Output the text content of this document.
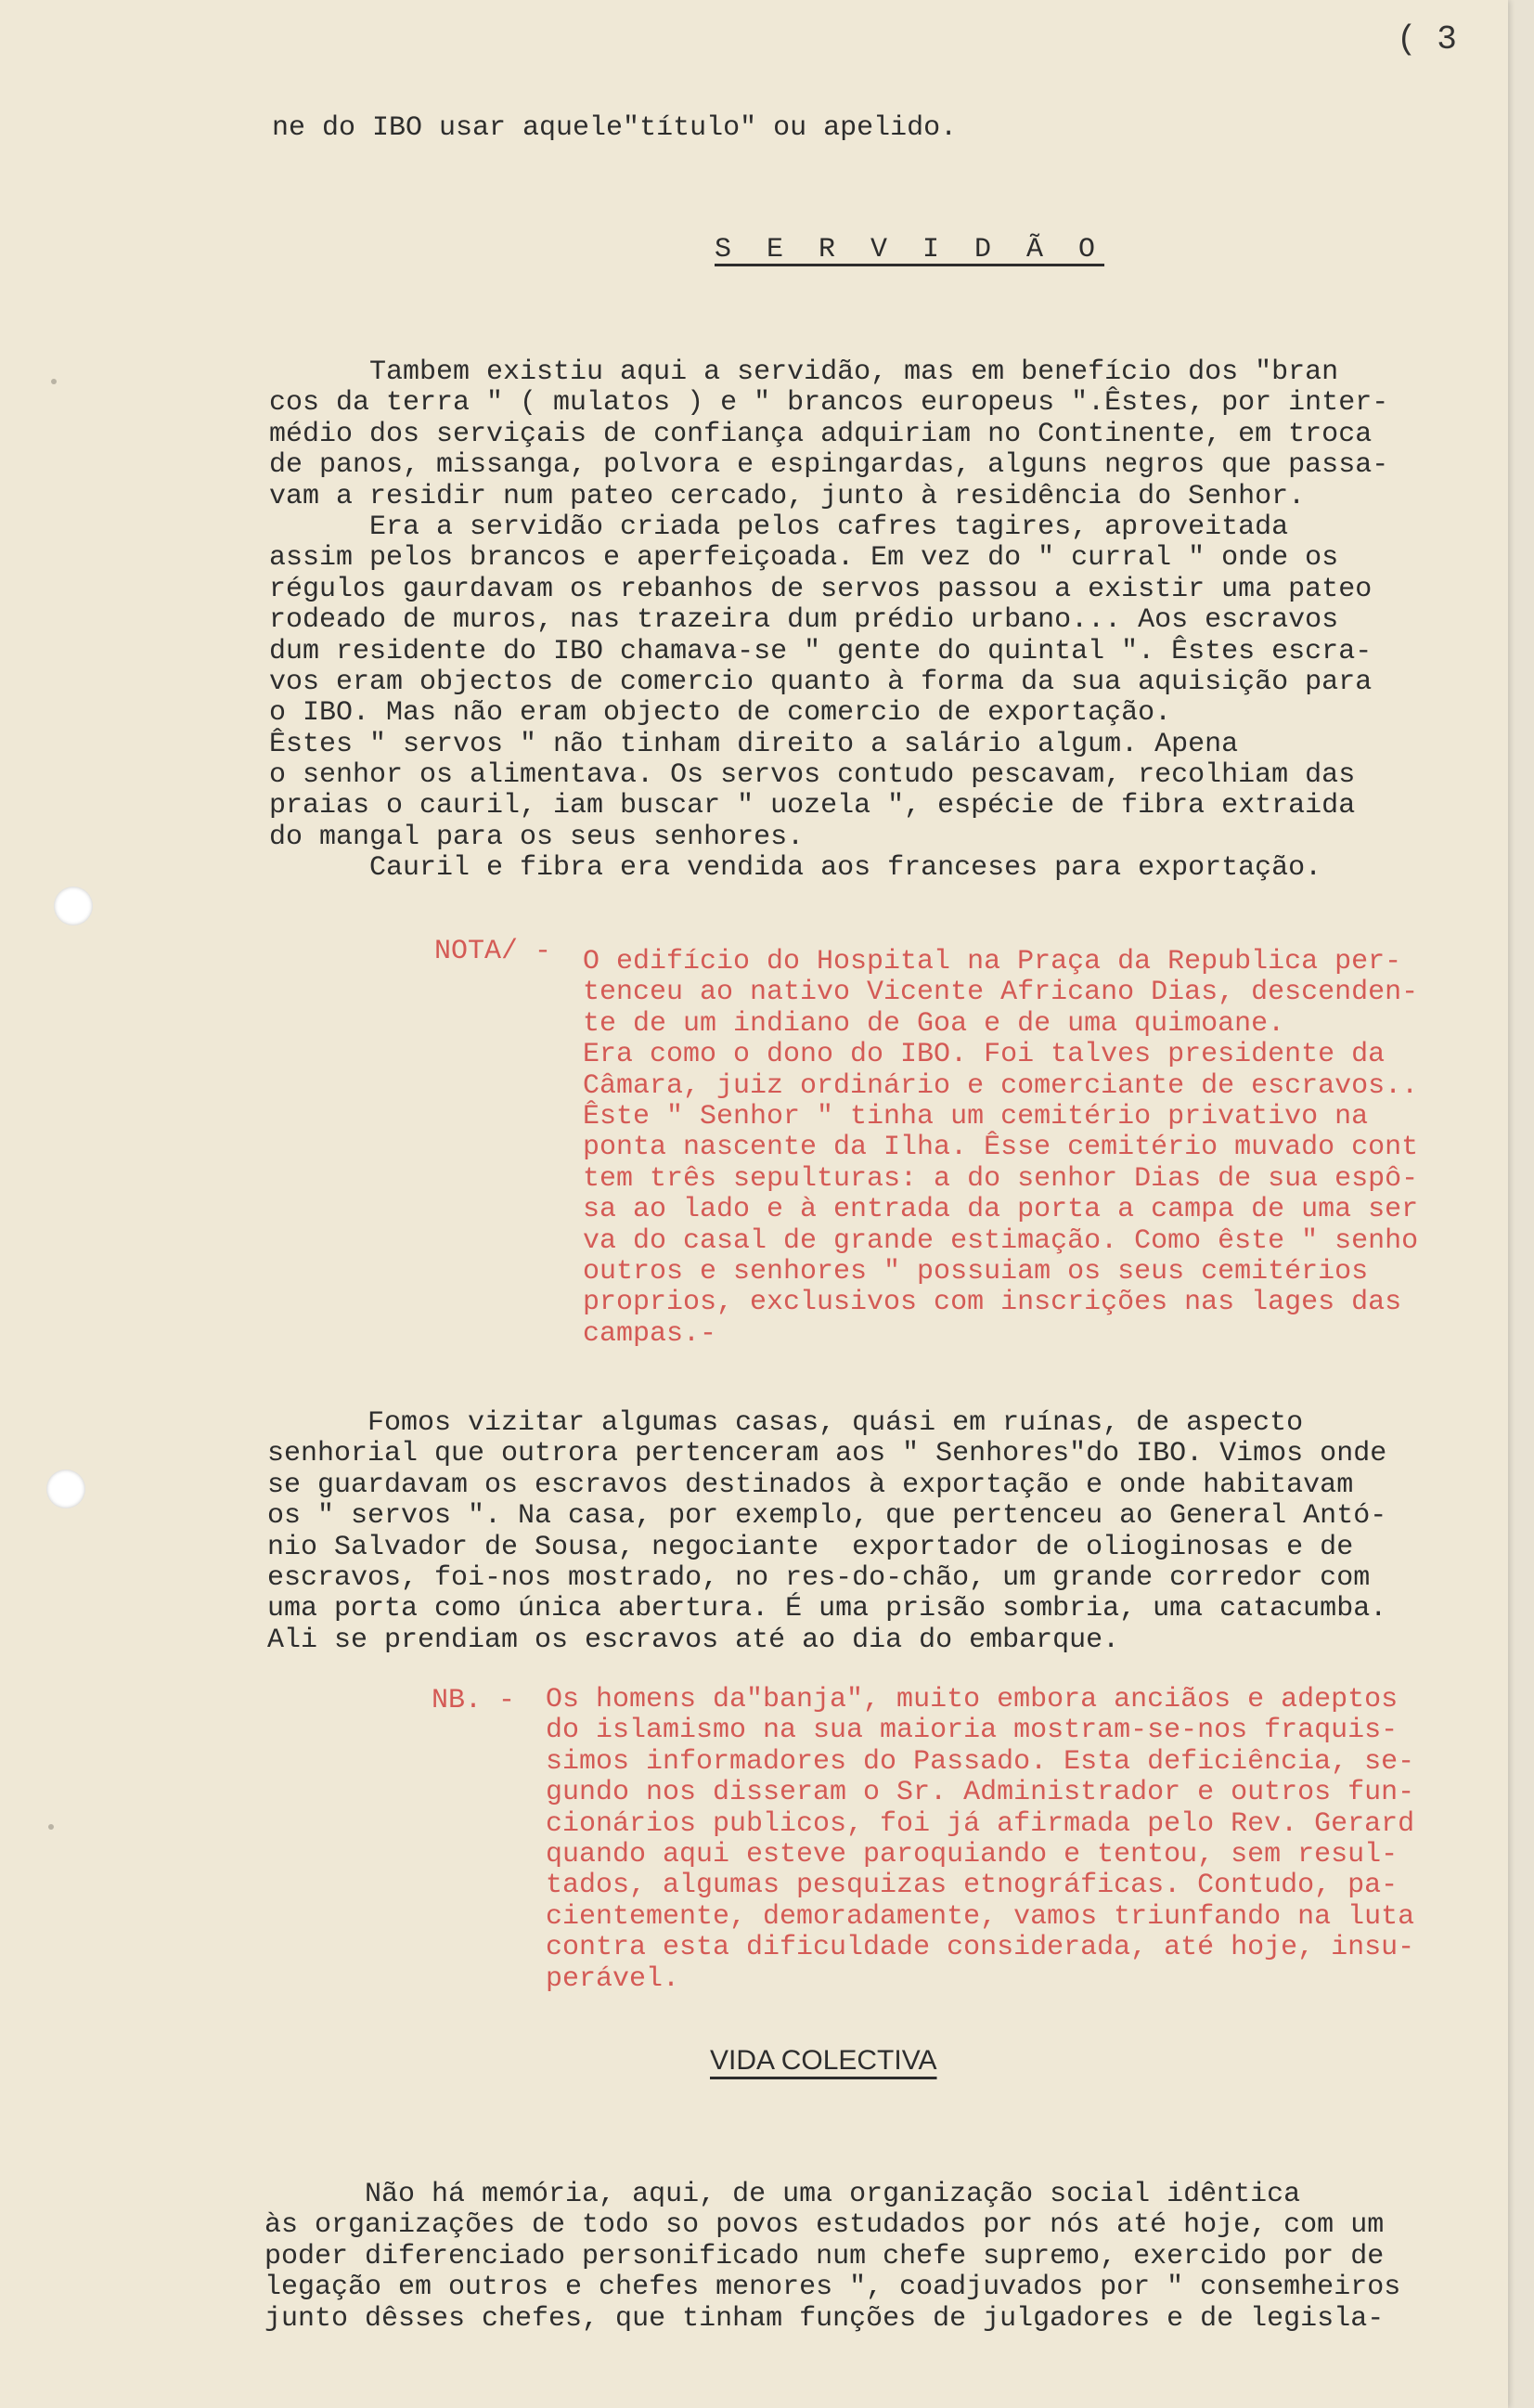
( 3
ne do IBO usar aquele"título" ou apelido.
S E R V I D Ã O
Tambem existiu aqui a servidão, mas em benefício dos "bran
cos da terra " ( mulatos ) e " brancos europeus ".Êstes, por inter-
médio dos serviçais de confiança adquiriam no Continente, em troca
de panos, missanga, polvora e espingardas, alguns negros que passa-
vam a residir num pateo cercado, junto à residência do Senhor.
Era a servidão criada pelos cafres tagires, aproveitada
assim pelos brancos e aperfeiçoada. Em vez do " curral " onde os
régulos gaurdavam os rebanhos de servos passou a existir uma pateo
rodeado de muros, nas trazeira dum prédio urbano... Aos escravos
dum residente do IBO chamava-se " gente do quintal ". Êstes escra-
vos eram objectos de comercio quanto à forma da sua aquisição para
o IBO. Mas não eram objecto de comercio de exportação.
Êstes " servos " não tinham direito a salário algum. Apena
o senhor os alimentava. Os servos contudo pescavam, recolhiam das
praias o cauril, iam buscar " uozela ", espécie de fibra extraida
do mangal para os seus senhores.
Cauril e fibra era vendida aos franceses para exportação.
NOTA/ - O edifício do Hospital na Praça da Republica per-
tenceu ao nativo Vicente Africano Dias, descenden-
te de um indiano de Goa e de uma quimoane.
Era como o dono do IBO. Foi talves presidente da
Câmara, juiz ordinário e comerciante de escravos..
Êste " Senhor " tinha um cemitério privativo na
ponta nascente da Ilha. Êsse cemitério muvado cont
tem três sepulturas: a do senhor Dias de sua espô-
sa ao lado e à entrada da porta a campa de uma ser
va do casal de grande estimação. Como êste " senho
outros e senhores " possuiam os seus cemitérios
proprios, exclusivos com inscrições nas lages das
campas.-
Fomos vizitar algumas casas, quási em ruínas, de aspecto
senhorial que outrora pertenceram aos " Senhores"do IBO. Vimos onde
se guardavam os escravos destinados à exportação e onde habitavam
os " servos ". Na casa, por exemplo, que pertenceu ao General Antó-
nio Salvador de Sousa, negociante  exportador de olioginosas e de
escravos, foi-nos mostrado, no res-do-chão, um grande corredor com
uma porta como única abertura. É uma prisão sombria, uma catacumba.
Ali se prendiam os escravos até ao dia do embarque.
NB. - Os homens da"banja", muito embora anciãos e adeptos
do islamismo na sua maioria mostram-se-nos fraquis-
simos informadores do Passado. Esta deficiência, se-
gundo nos disseram o Sr. Administrador e outros fun-
cionários publicos, foi já afirmada pelo Rev. Gerard
quando aqui esteve paroquiando e tentou, sem resul-
tados, algumas pesquizas etnográficas. Contudo, pa-
cientemente, demoradamente, vamos triunfando na luta
contra esta dificuldade considerada, até hoje, insu-
perável.
VIDA COLECTIVA
Não há memória, aqui, de uma organização social idêntica
às organizações de todo so povos estudados por nós até hoje, com um
poder diferenciado personificado num chefe supremo, exercido por de
legação em outros e chefes menores ", coadjuvados por " consemheiros
junto dêsses chefes, que tinham funções de julgadores e de legisla-
